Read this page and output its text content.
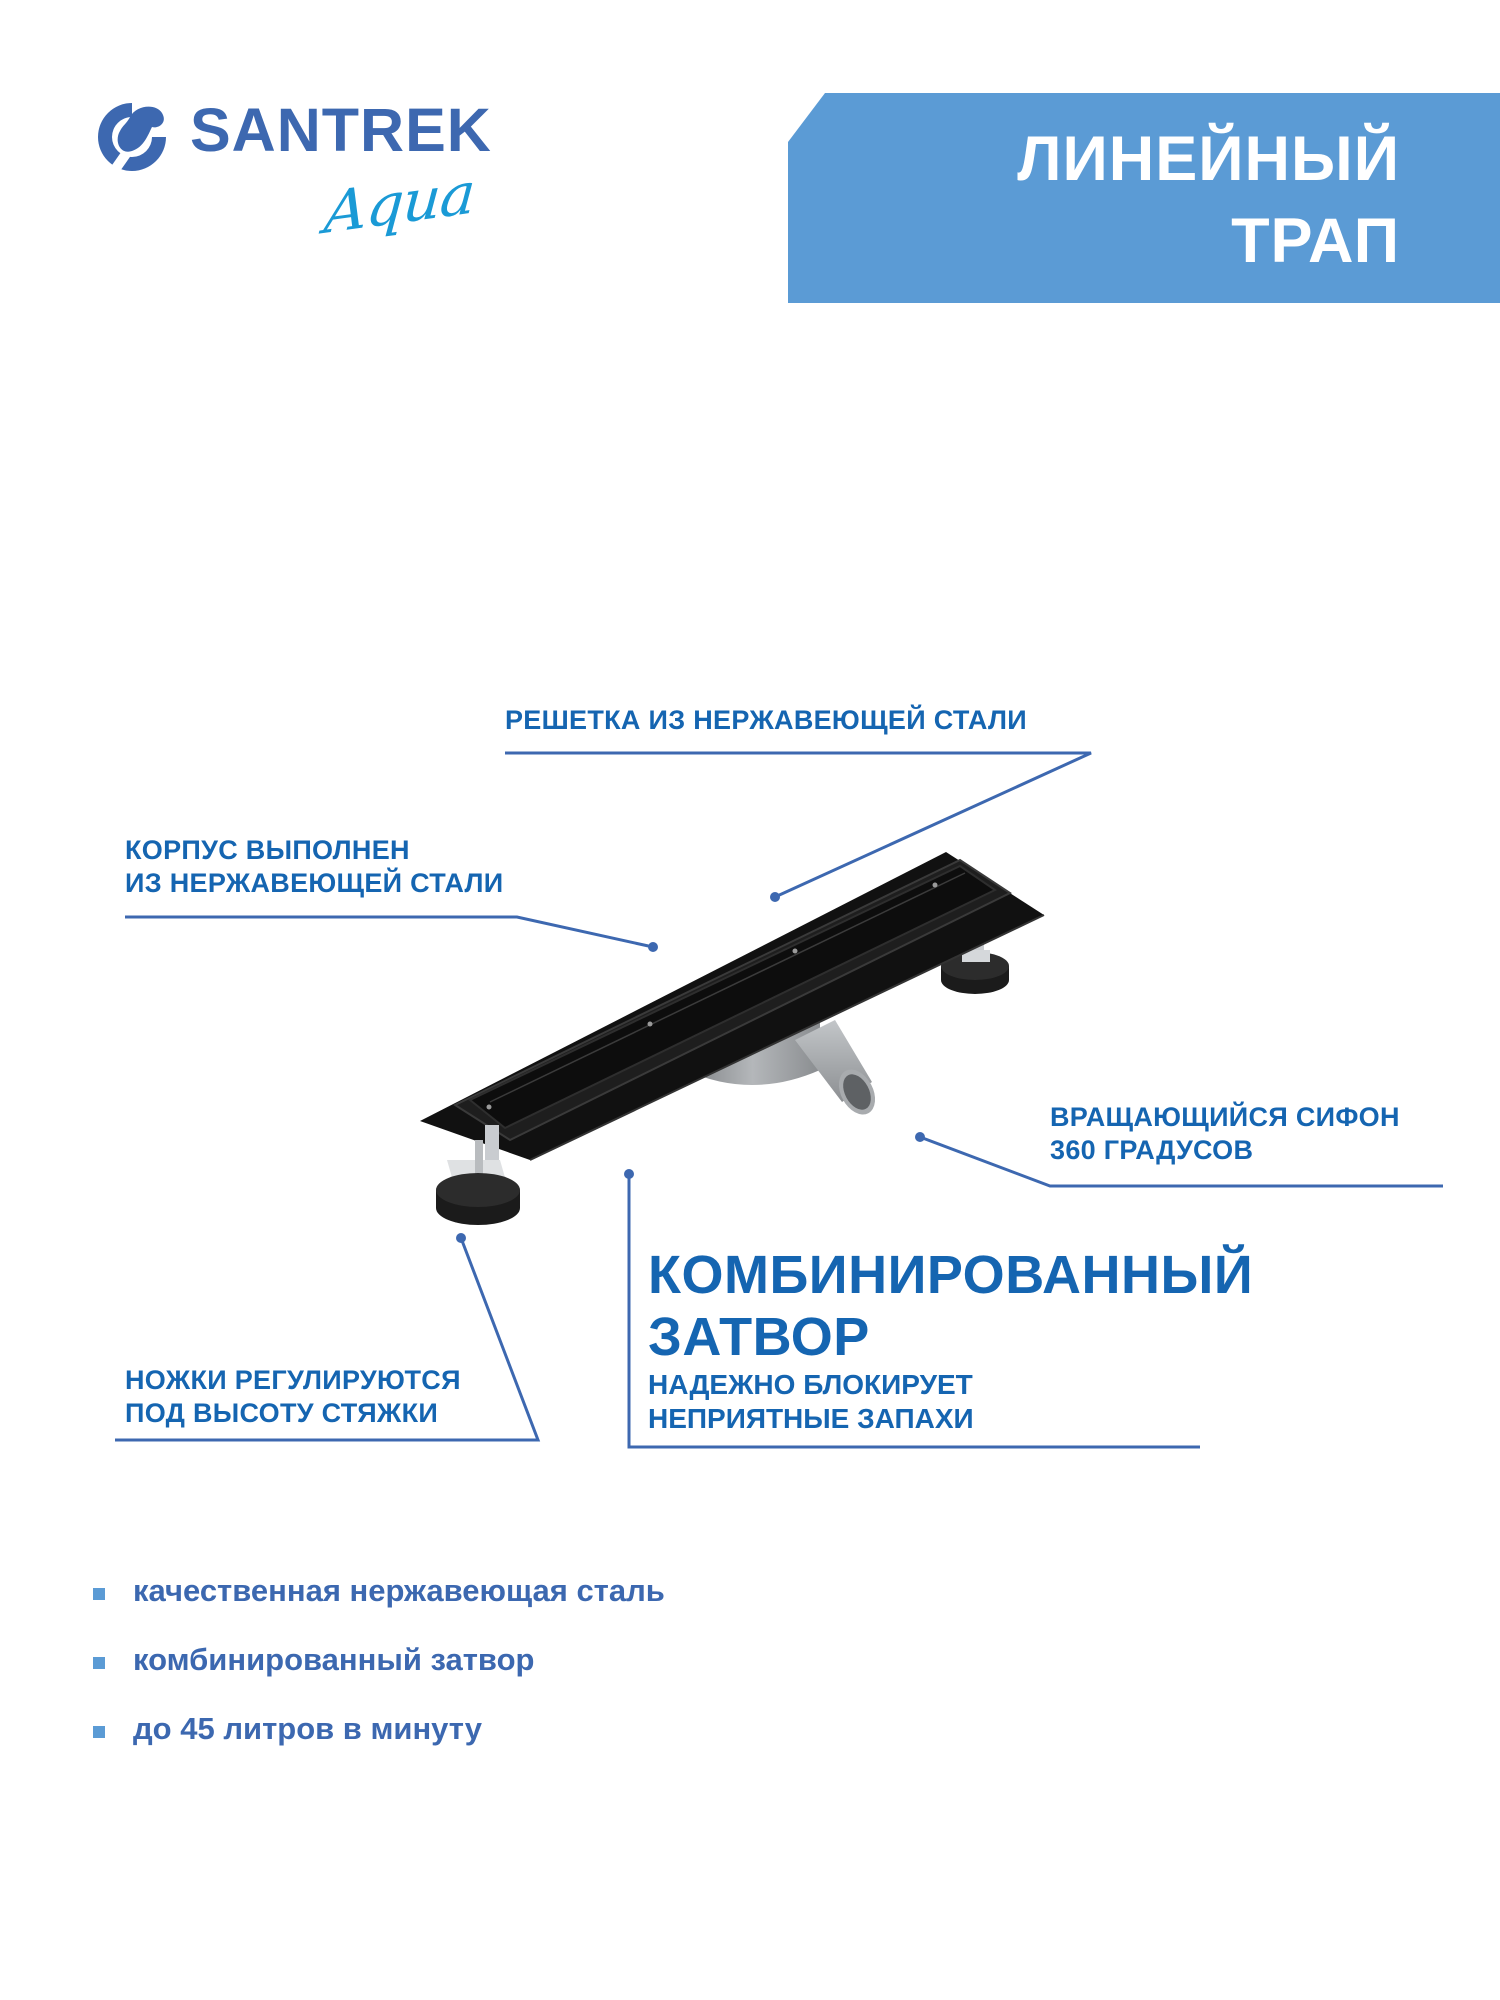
SANTREK
Aqua
ЛИНЕЙНЫЙ
ТРАП
РЕШЕТКА ИЗ НЕРЖАВЕЮЩЕЙ СТАЛИ
КОРПУС ВЫПОЛНЕН
ИЗ НЕРЖАВЕЮЩЕЙ СТАЛИ
ВРАЩАЮЩИЙСЯ СИФОН
360 ГРАДУСОВ
НОЖКИ РЕГУЛИРУЮТСЯ
ПОД ВЫСОТУ СТЯЖКИ
КОМБИНИРОВАННЫЙ
ЗАТВОР
НАДЕЖНО БЛОКИРУЕТ
НЕПРИЯТНЫЕ ЗАПАХИ
качественная нержавеющая сталь
комбинированный затвор
до 45 литров в минуту
